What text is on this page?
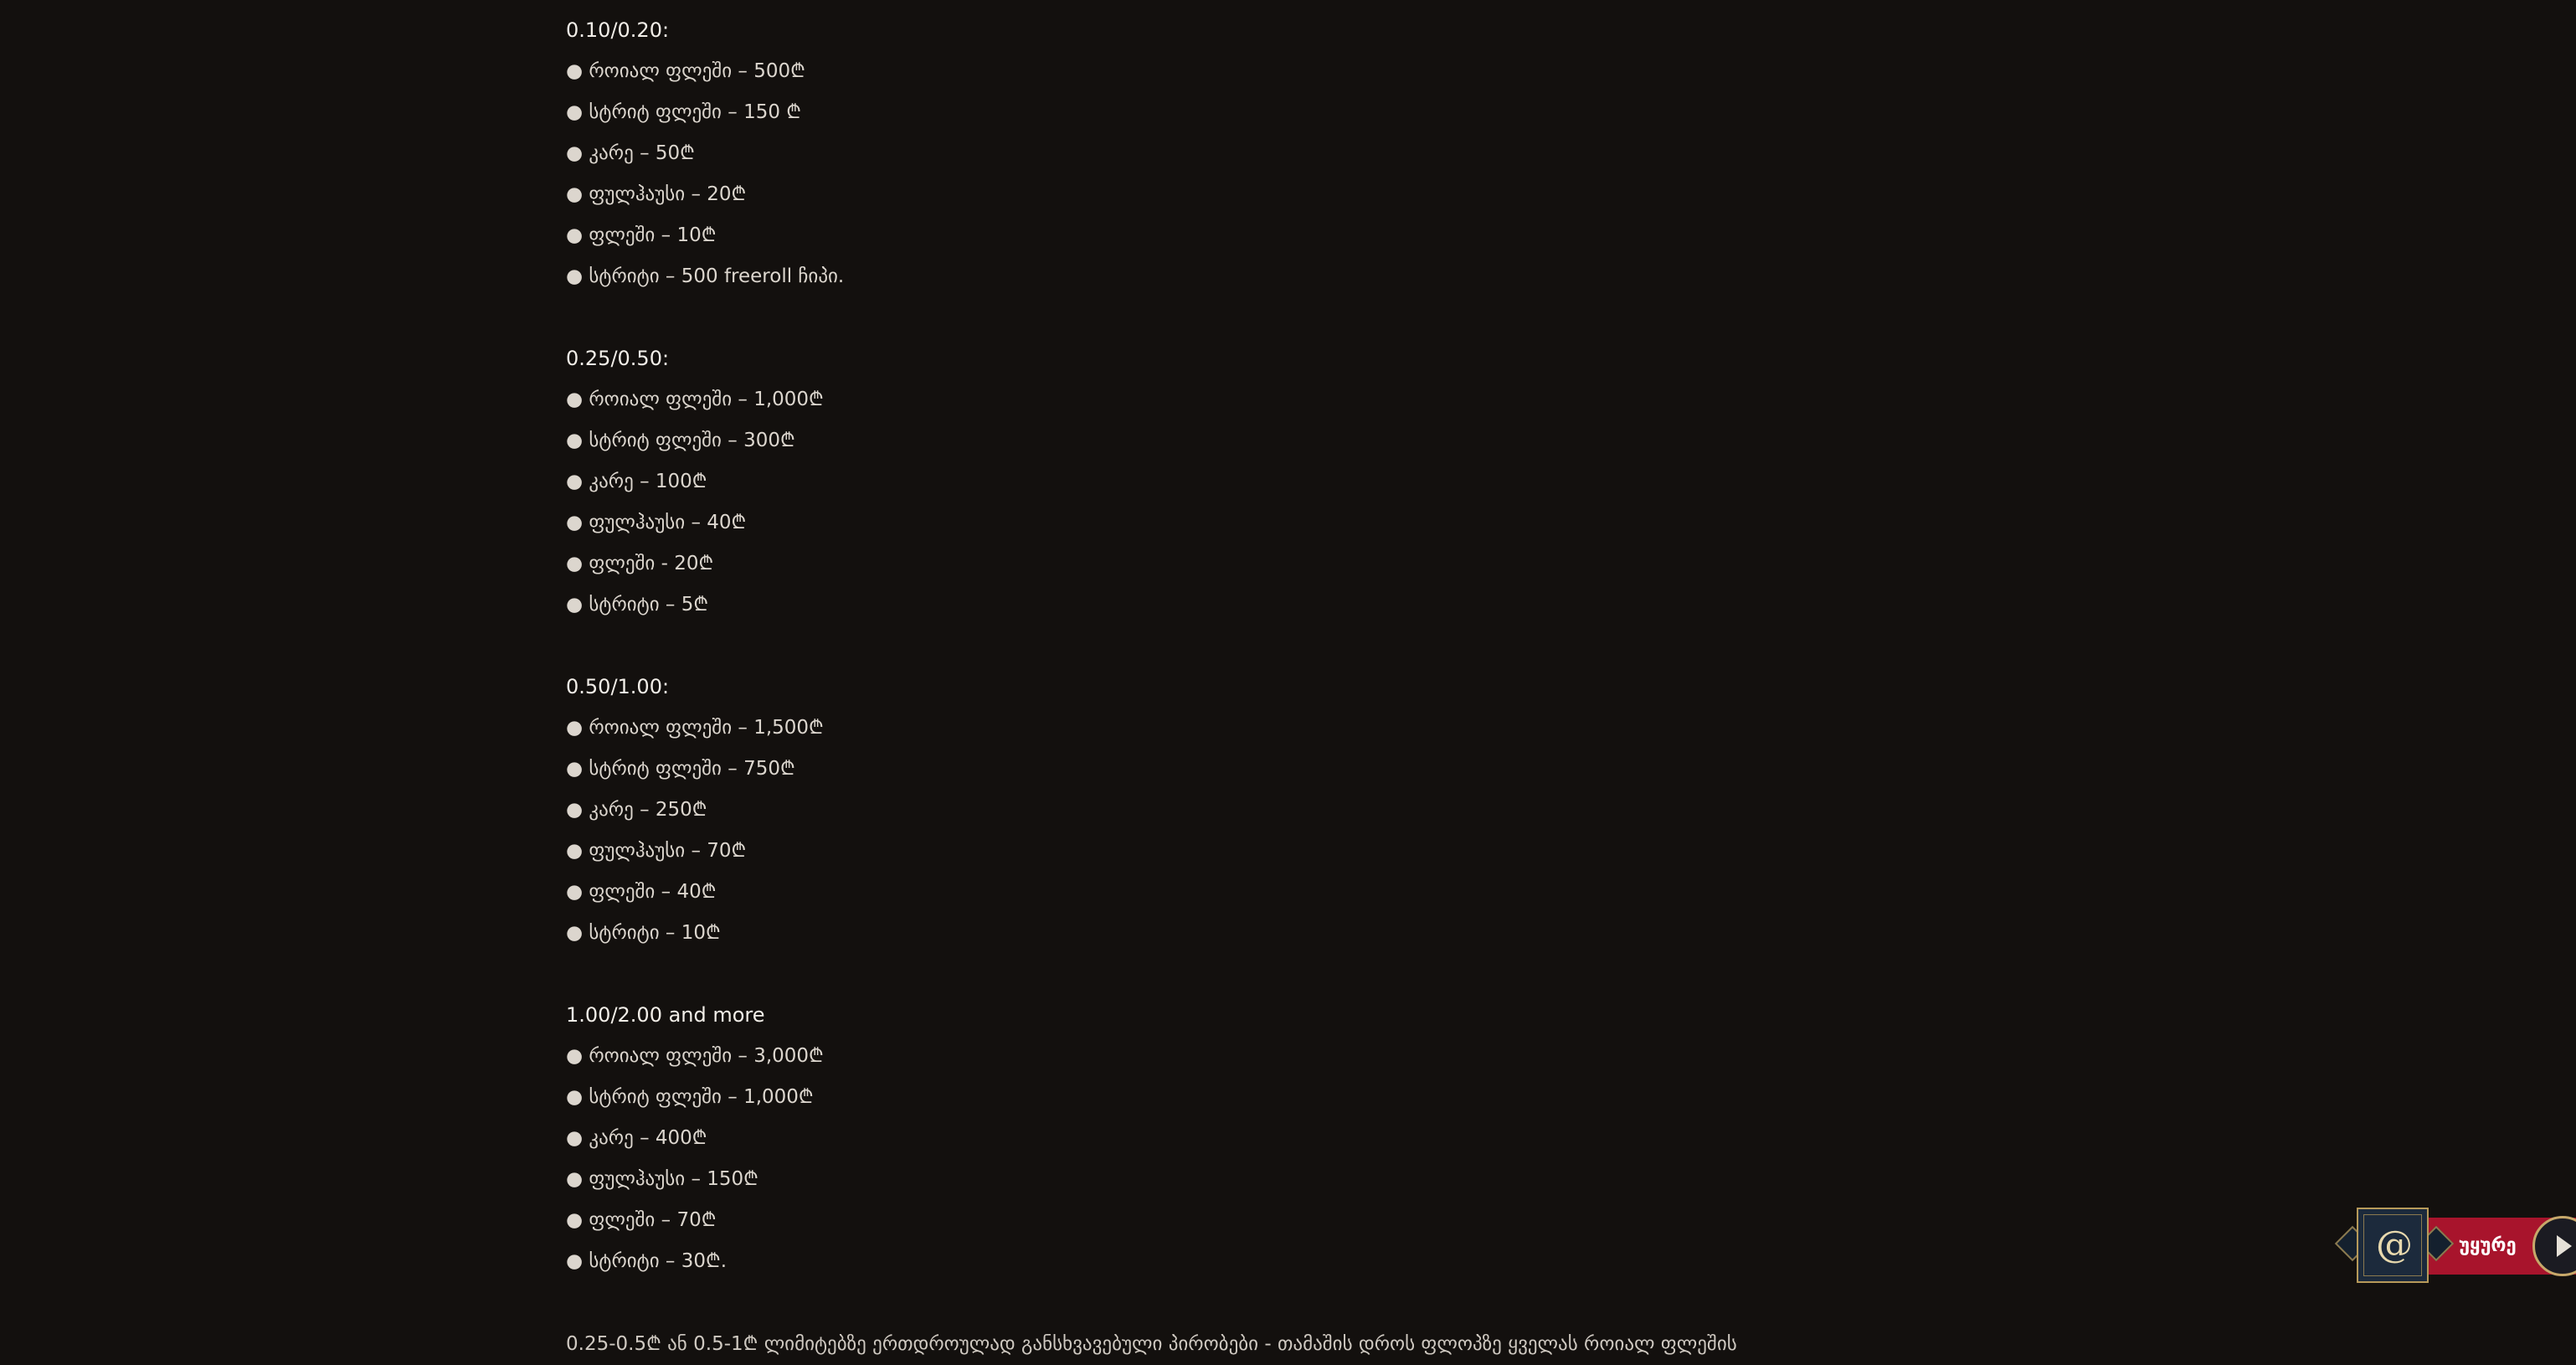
0.10/0.20:
● როიალ ფლეში – 500₾
● სტრიტ ფლეში – 150 ₾
● კარე – 50₾
● ფულჰაუსი – 20₾
● ფლეში – 10₾
● სტრიტი – 500 freeroll ჩიპი.
0.25/0.50:
● როიალ ფლეში – 1,000₾
● სტრიტ ფლეში – 300₾
● კარე – 100₾
● ფულჰაუსი – 40₾
● ფლეში - 20₾
● სტრიტი – 5₾
0.50/1.00:
● როიალ ფლეში – 1,500₾
● სტრიტ ფლეში – 750₾
● კარე – 250₾
● ფულჰაუსი – 70₾
● ფლეში – 40₾
● სტრიტი – 10₾
1.00/2.00 and more
● როიალ ფლეში – 3,000₾
● სტრიტ ფლეში – 1,000₾
● კარე – 400₾
● ფულჰაუსი – 150₾
● ფლეში – 70₾
● სტრიტი – 30₾.
0.25-0.5₾ ან 0.5-1₾ ლიმიტებზე ერთდროულად განსხვავებული პირობები - თამაშის დროს ფლოპზე ყველას როიალ ფლეშის
უყურე
@
